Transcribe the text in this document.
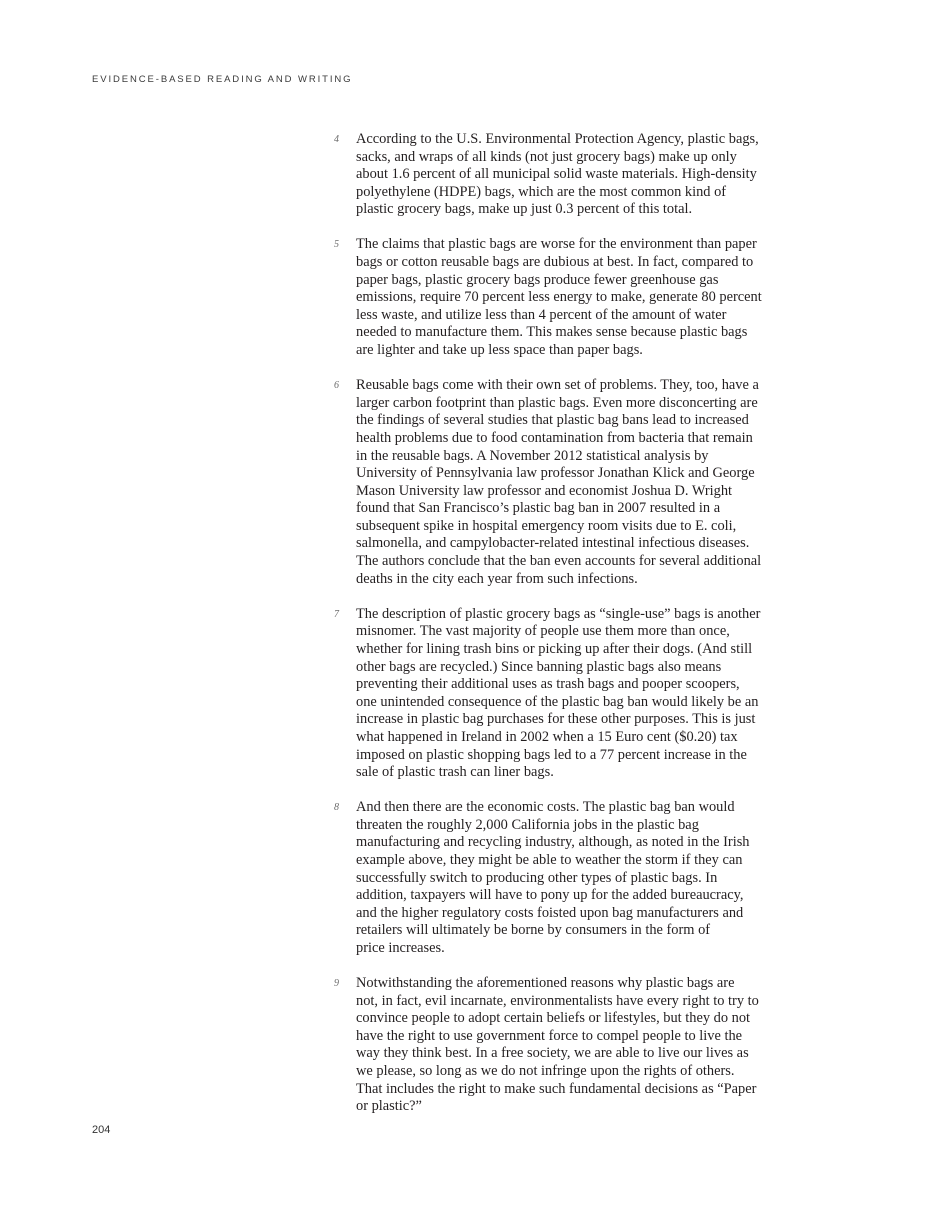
EVIDENCE-BASED READING AND WRITING
4 According to the U.S. Environmental Protection Agency, plastic bags,
sacks, and wraps of all kinds (not just grocery bags) make up only
about 1.6 percent of all municipal solid waste materials. High-density
polyethylene (HDPE) bags, which are the most common kind of
plastic grocery bags, make up just 0.3 percent of this total.
5 The claims that plastic bags are worse for the environment than paper
bags or cotton reusable bags are dubious at best. In fact, compared to
paper bags, plastic grocery bags produce fewer greenhouse gas
emissions, require 70 percent less energy to make, generate 80 percent
less waste, and utilize less than 4 percent of the amount of water
needed to manufacture them. This makes sense because plastic bags
are lighter and take up less space than paper bags.
6 Reusable bags come with their own set of problems. They, too, have a
larger carbon footprint than plastic bags. Even more disconcerting are
the findings of several studies that plastic bag bans lead to increased
health problems due to food contamination from bacteria that remain
in the reusable bags. A November 2012 statistical analysis by
University of Pennsylvania law professor Jonathan Klick and George
Mason University law professor and economist Joshua D. Wright
found that San Francisco’s plastic bag ban in 2007 resulted in a
subsequent spike in hospital emergency room visits due to E. coli,
salmonella, and campylobacter-related intestinal infectious diseases.
The authors conclude that the ban even accounts for several additional
deaths in the city each year from such infections.
7 The description of plastic grocery bags as “single-use” bags is another
misnomer. The vast majority of people use them more than once,
whether for lining trash bins or picking up after their dogs. (And still
other bags are recycled.) Since banning plastic bags also means
preventing their additional uses as trash bags and pooper scoopers,
one unintended consequence of the plastic bag ban would likely be an
increase in plastic bag purchases for these other purposes. This is just
what happened in Ireland in 2002 when a 15 Euro cent ($0.20) tax
imposed on plastic shopping bags led to a 77 percent increase in the
sale of plastic trash can liner bags.
8 And then there are the economic costs. The plastic bag ban would
threaten the roughly 2,000 California jobs in the plastic bag
manufacturing and recycling industry, although, as noted in the Irish
example above, they might be able to weather the storm if they can
successfully switch to producing other types of plastic bags. In
addition, taxpayers will have to pony up for the added bureaucracy,
and the higher regulatory costs foisted upon bag manufacturers and
retailers will ultimately be borne by consumers in the form of
price increases.
9 Notwithstanding the aforementioned reasons why plastic bags are
not, in fact, evil incarnate, environmentalists have every right to try to
convince people to adopt certain beliefs or lifestyles, but they do not
have the right to use government force to compel people to live the
way they think best. In a free society, we are able to live our lives as
we please, so long as we do not infringe upon the rights of others.
That includes the right to make such fundamental decisions as “Paper
or plastic?”
204
